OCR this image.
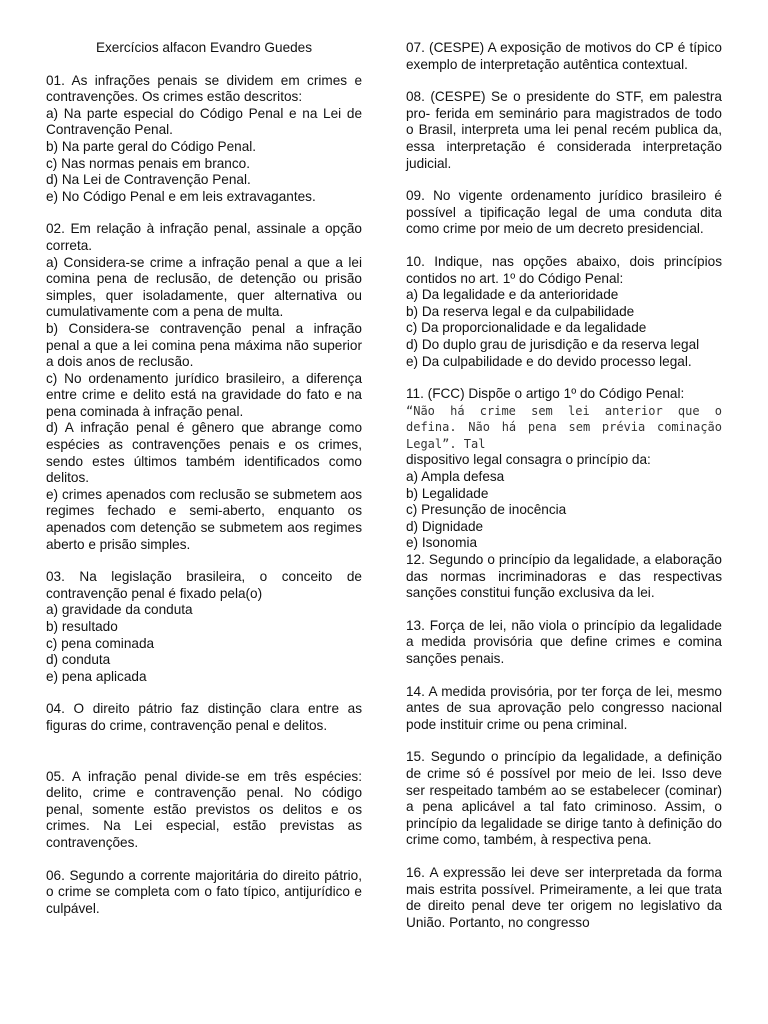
Exercícios alfacon Evandro Guedes

01. As infrações penais se dividem em crimes e contravenções. Os crimes estão descritos:

a) Na parte especial do Código Penal e na Lei de Contravenção Penal.

b) Na parte geral do Código Penal.

c) Nas normas penais em branco.

d) Na Lei de Contravenção Penal.

e) No Código Penal e em leis extravagantes.

02. Em relação à infração penal, assinale a opção correta.

a) Considera-se crime a infração penal a que a lei comina pena de reclusão, de detenção ou prisão simples, quer isoladamente, quer alternativa ou cumulativamente com a pena de multa.

b) Considera-se contravenção penal a infração penal a que a lei comina pena máxima não superior a dois anos de reclusão.

c) No ordenamento jurídico brasileiro, a diferença entre crime e delito está na gravidade do fato e na pena cominada à infração penal.

d) A infração penal é gênero que abrange como espécies as contravenções penais e os crimes, sendo estes últimos também identificados como delitos.

e) crimes apenados com reclusão se submetem aos regimes fechado e semi-aberto, enquanto os apenados com detenção se submetem aos regimes aberto e prisão simples.

03. Na legislação brasileira, o conceito de contravenção penal é fixado pela(o)

a) gravidade da conduta

b) resultado

c) pena cominada

d) conduta

e) pena aplicada

04. O direito pátrio faz distinção clara entre as figuras do crime, contravenção penal e delitos.

05. A infração penal divide-se em três espécies: delito, crime e contravenção penal. No código penal, somente estão previstos os delitos e os crimes. Na Lei especial, estão previstas as contravenções.

06. Segundo a corrente majoritária do direito pátrio, o crime se completa com o fato típico, antijurídico e culpável.

07. (CESPE) A exposição de motivos do CP é típico exemplo de interpretação autêntica contextual.

08. (CESPE) Se o presidente do STF, em palestra pro- ferida em seminário para magistrados de todo o Brasil, interpreta uma lei penal recém publica da, essa interpretação é considerada interpretação judicial.

09. No vigente ordenamento jurídico brasileiro é possível a tipificação legal de uma conduta dita como crime por meio de um decreto presidencial.

10. Indique, nas opções abaixo, dois princípios contidos no art. 1º do Código Penal:

a) Da legalidade e da anterioridade

b) Da reserva legal e da culpabilidade

c) Da proporcionalidade e da legalidade

d) Do duplo grau de jurisdição e da reserva legal

e) Da culpabilidade e do devido processo legal.

11. (FCC) Dispõe o artigo 1º do Código Penal:

“Não há crime sem lei anterior que o defina. Não há pena sem prévia cominação Legal”. Tal

dispositivo legal consagra o princípio da:

a) Ampla defesa

b) Legalidade

c) Presunção de inocência

d) Dignidade

e) Isonomia

12. Segundo o princípio da legalidade, a elaboração das normas incriminadoras e das respectivas sanções constitui função exclusiva da lei.

13. Força de lei, não viola o princípio da legalidade a medida provisória que define crimes e comina sanções penais.

14. A medida provisória, por ter força de lei, mesmo antes de sua aprovação pelo congresso nacional pode instituir crime ou pena criminal.

15. Segundo o princípio da legalidade, a definição de crime só é possível por meio de lei. Isso deve ser respeitado também ao se estabelecer (cominar) a pena aplicável a tal fato criminoso. Assim, o princípio da legalidade se dirige tanto à definição do crime como, também, à respectiva pena.

16. A expressão lei deve ser interpretada da forma mais estrita possível. Primeiramente, a lei que trata de direito penal deve ter origem no legislativo da União. Portanto, no congresso
